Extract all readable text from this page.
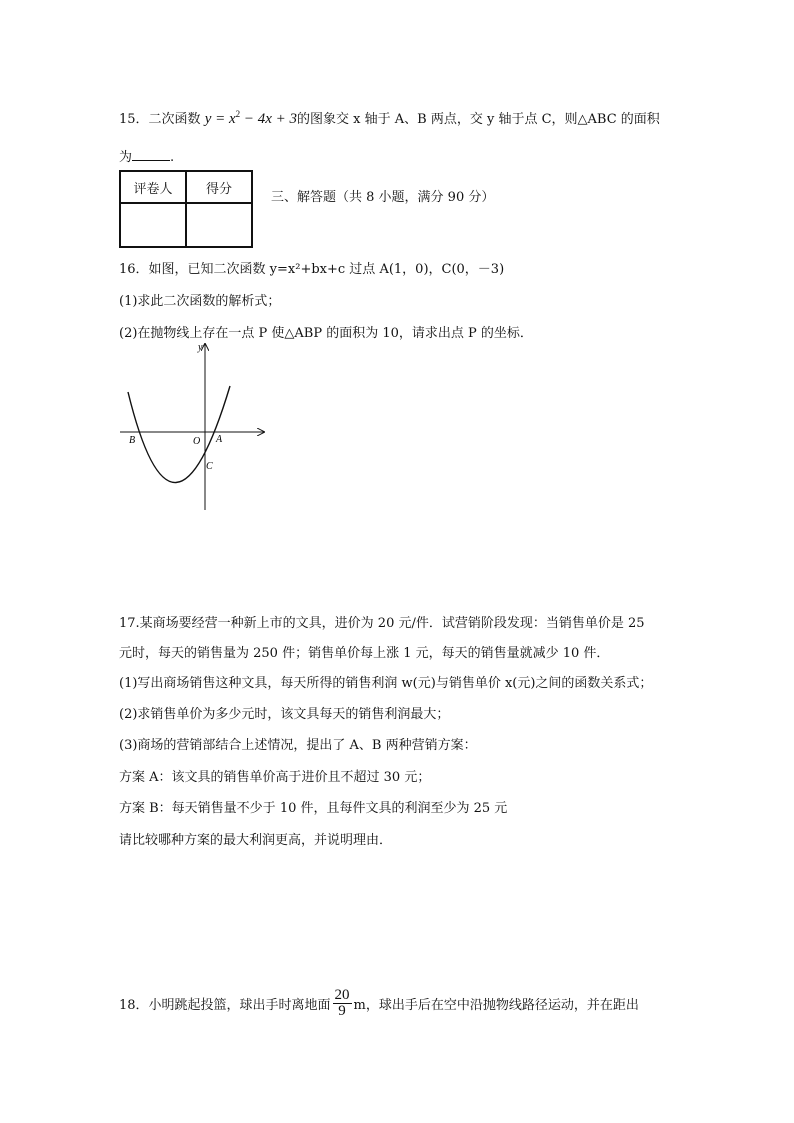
15．二次函数 $y = x^2 - 4x + 3$的图象交 x 轴于 A、B 两点，交 y 轴于点 C，则△ABC 的面积
为	.
评卷人	得分

三、解答题（共 8 小题，满分 90 分）
16．如图，已知二次函数 y=x²+bx+c 过点 A(1，0)，C(0，－3)
(1)求此二次函数的解析式；
(2)在抛物线上存在一点 P 使△ABP 的面积为 10，请求出点 P 的坐标．
y
B	O A
C
17.某商场要经营一种新上市的文具，进价为 20 元/件．试营销阶段发现：当销售单价是 25
元时，每天的销售量为 250 件；销售单价每上涨 1 元，每天的销售量就减少 10 件．
(1)写出商场销售这种文具，每天所得的销售利润 w(元)与销售单价 x(元)之间的函数关系式；
(2)求销售单价为多少元时，该文具每天的销售利润最大；
(3)商场的营销部结合上述情况，提出了 A、B 两种营销方案：
方案 A：该文具的销售单价高于进价且不超过 30 元；
方案 B：每天销售量不少于 10 件，且每件文具的利润至少为 25 元
请比较哪种方案的最大利润更高，并说明理由．
18．小明跳起投篮，球出手时离地面 $\frac{20}{9}$ m，球出手后在空中沿抛物线路径运动，并在距出
